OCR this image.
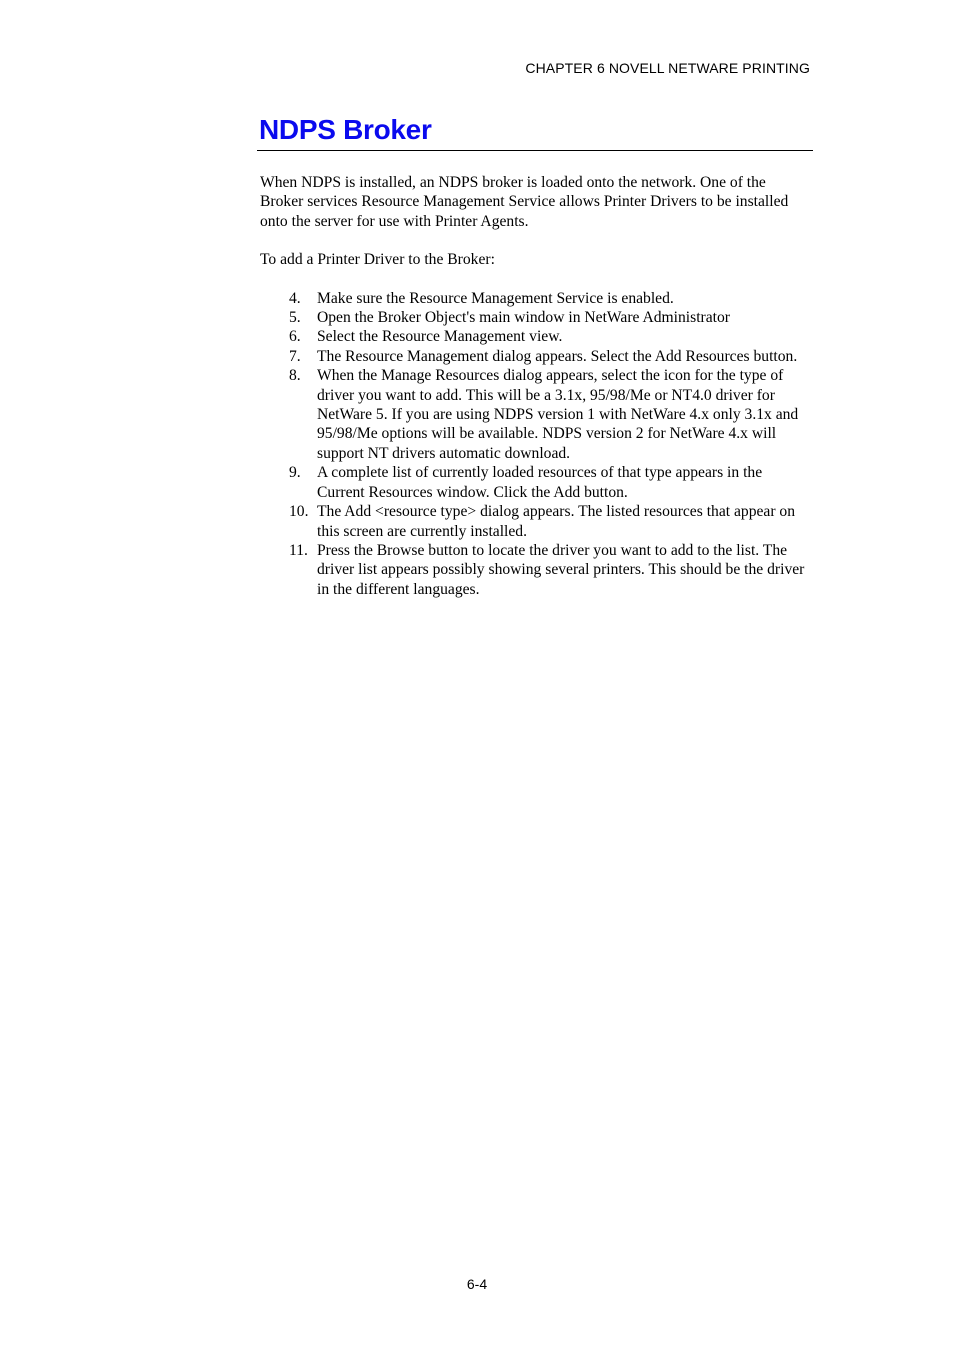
CHAPTER 6 NOVELL NETWARE PRINTING
NDPS Broker

When NDPS is installed, an NDPS broker is loaded onto the network. One of the Broker services Resource Management Service allows Printer Drivers to be installed onto the server for use with Printer Agents.

To add a Printer Driver to the Broker:

4. Make sure the Resource Management Service is enabled.
5. Open the Broker Object's main window in NetWare Administrator
6. Select the Resource Management view.
7. The Resource Management dialog appears. Select the Add Resources button.
8. When the Manage Resources dialog appears, select the icon for the type of driver you want to add. This will be a 3.1x, 95/98/Me or NT4.0 driver for NetWare 5. If you are using NDPS version 1 with NetWare 4.x only 3.1x and 95/98/Me options will be available. NDPS version 2 for NetWare 4.x will support NT drivers automatic download.
9. A complete list of currently loaded resources of that type appears in the Current Resources window. Click the Add button.
10. The Add <resource type> dialog appears. The listed resources that appear on this screen are currently installed.
11. Press the Browse button to locate the driver you want to add to the list. The driver list appears possibly showing several printers. This should be the driver in the different languages.
6-4
